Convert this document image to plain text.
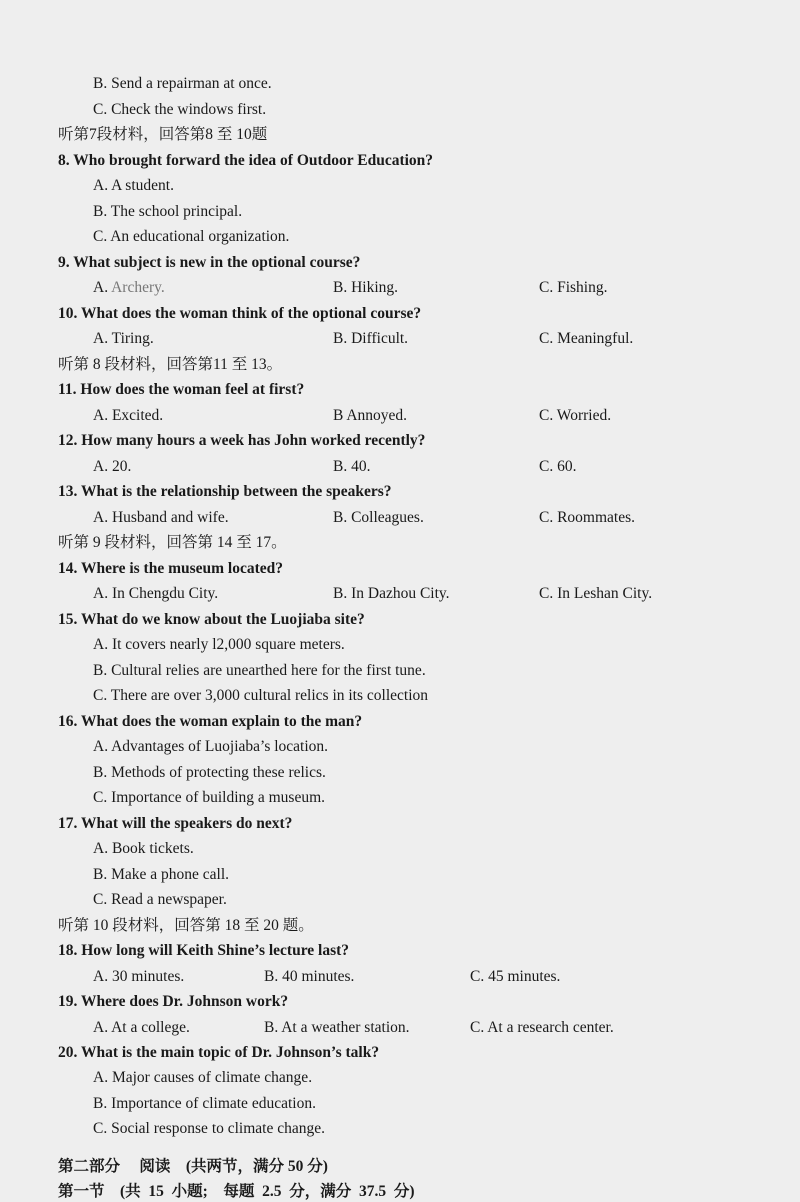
B. Send a repairman at once.
C. Check the windows first.
听第7段材料，回答第8 至 10题
8. Who brought forward the idea of Outdoor Education?
A. A student.
B. The school principal.
C. An educational organization.
9. What subject is new in the optional course?
A. Archery.	B. Hiking.	C. Fishing.
10. What does the woman think of the optional course?
A. Tiring.	B. Difficult.	C. Meaningful.
听第 8 段材料，回答第11 至 13。
11. How does the woman feel at first?
A. Excited.	B Annoyed.	C. Worried.
12. How many hours a week has John worked recently?
A. 20.	B. 40.	C. 60.
13. What is the relationship between the speakers?
A. Husband and wife.	B. Colleagues.	C. Roommates.
听第 9 段材料，回答第 14 至 17。
14. Where is the museum located?
A. In Chengdu City.	B. In Dazhou City.	C. In Leshan City.
15. What do we know about the Luojiaba site?
A. It covers nearly l2,000 square meters.
B. Cultural relies are unearthed here for the first tune.
C. There are over 3,000 cultural relics in its collection
16. What does the woman explain to the man?
A. Advantages of Luojiaba’s location.
B. Methods of protecting these relics.
C. Importance of building a museum.
17. What will the speakers do next?
A. Book tickets.
B. Make a phone call.
C. Read a newspaper.
听第 10 段材料，回答第 18 至 20 题。
18. How long will Keith Shine’s lecture last?
A. 30 minutes.	B. 40 minutes.	C. 45 minutes.
19. Where does Dr. Johnson work?
A. At a college.	B. At a weather station.	C. At a research center.
20. What is the main topic of Dr. Johnson’s talk?
A. Major causes of climate change.
B. Importance of climate education.
C. Social response to climate change.
第二部分     阅读    (共两节，满分 50 分)
第一节    (共  15  小题;    每题  2.5  分，满分  37.5  分)
